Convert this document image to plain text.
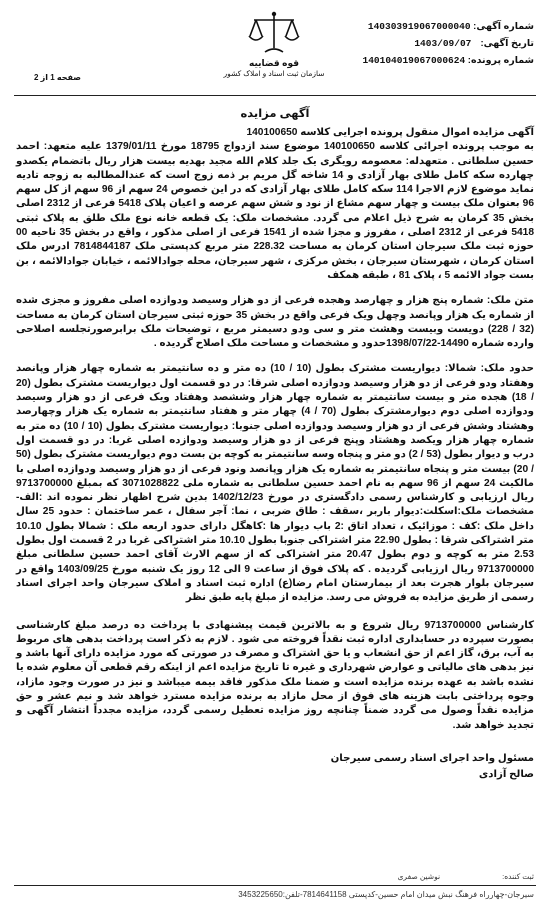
شماره آگهی: 140303919067000040
تاریخ آگهی: 1403/09/07
شماره پرونده: 140104019067000624
قوه قضاییه
سازمان ثبت اسناد و املاک کشور
صفحه 1 از 2
آگهی مزایده

آگهی مزایده اموال منقول پرونده اجرایی کلاسه 140100650

به موجب پرونده اجرائی کلاسه 140100650 موضوع سند ازدواج 18795 مورخ 1379/01/11 علیه متعهد: احمد حسین سلطانی . متعهدله: معصومه رویگری یک جلد کلام الله مجید بهدیه بیست هزار ریال باتضمام یکصدو چهارده سکه کامل طلای بهار آزادی و 14 شاخه گل مریم بر ذمه زوج است که عندالمطالبه به زوجه تادیه نماید موضوع لازم الاجرا 114 سکه کامل طلای بهار آزادی که در این خصوص 24 سهم از 96 سهم از کل سهم 96 بعنوان ملک بیست و چهار سهم مشاع از نود و شش سهم عرصه و اعیان پلاک 5418 فرعی از 2312 اصلی بخش 35 کرمان به شرح ذیل اعلام می گردد. مشخصات ملک: یک قطعه خانه نوع ملک طلق به پلاک ثبتی 5418 فرعی از 2312 اصلی ، مفروز و مجزا شده از 1541 فرعی از اصلی مذکور ، واقع در بخش 35 ناحیه 00 حوزه ثبت ملک سیرجان استان کرمان به مساحت 228.32 متر مربع کدپستی ملک 7814844187 ادرس ملک استان کرمان ، شهرستان سیرجان ، بخش مرکزی ، شهر سیرجان، محله جوادالائمه ، خیابان جوادالائمه ، بن بست جواد الائمه 5 ، پلاک 81 ، طبقه همکف

متن ملک: شماره پنج هزار و چهارصد وهجده فرعی از دو هزار وسیصد ودوازده اصلی مفروز و مجزی شده از شماره یک هزار وپانصد وچهل ویک فرعی واقع در بخش 35 حوزه ثبتی سیرجان استان کرمان به مساحت (32 / 228) دویست وبیست وهشت متر و سی ودو دسیمتر مربع ، توضیحات ملک برابرصورتجلسه اصلاحی وارده شماره 14490-1398/07/22حدود و مشخصات و مساحت ملک اصلاح گردیده .

حدود ملک: شمالا: دیواریست مشترک بطول (10 / 10) ده متر و ده سانتیمتر به شماره چهار هزار وپانصد وهفتاد ودو فرعی از دو هزار وسیصد ودوازده اصلی شرقا: در دو قسمت اول دیواریست مشترک بطول (20 / 18) هجده متر و بیست سانتیمتر به شماره چهار هزار وششصد وهفتاد ویک فرعی از دو هزار وسیصد ودوازده اصلی دوم دیوارمشترک بطول (70 / 4) چهار متر و هفتاد سانتیمتر به شماره یک هزار وچهارصد وهشتاد وشش فرعی از دو هزار وسیصد ودوازده اصلی جنوبا: دیواریست مشترک بطول (10 / 10) ده متر به شماره چهار هزار ویکصد وهشتاد وپنج فرعی از دو هزار وسیصد ودوازده اصلی غربا: در دو قسمت اول درب و دیوار بطول (53 / 2) دو متر و پنجاه وسه سانتیمتر به کوچه بن بست دوم دیواریست مشترک بطول (50 / 20) بیست متر و پنجاه سانتیمتر به شماره یک هزار وپانصد ونود فرعی از دو هزار وسیصد ودوازده اصلی با مالکیت 24 سهم از 96 سهم به نام احمد حسین سلطانی به شماره ملی 3071028822 که بمبلغ 9713700000 ریال ارزیابی و کارشناس رسمی دادگستری در مورخ 1402/12/23 بدین شرح اظهار نظر نموده اند :الف-مشخصات ملک:اسکلت:دیوار باربر ،سقف : طاق ضربی ، نما: آجر سفال ، عمر ساختمان : حدود 25 سال داخل ملک :کف : موزائیک ، تعداد اتاق :2 باب دیوار ها :کاهگل دارای حدود اربعه ملک : شمالا بطول 10.10 متر اشتراکی شرقا : بطول 22.90 متر اشتراکی جنوبا بطول 10.10 متر اشتراکی غربا در 2 قسمت اول بطول 2.53 متر به کوچه و دوم بطول 20.47 متر اشتراکی که از سهم الارث آقای احمد حسین سلطانی مبلغ 9713700000 ریال ارزیابی گردیده . که پلاک فوق از ساعت 9 الی 12 روز یک شنبه مورخ 1403/09/25 واقع در سیرجان بلوار هجرت بعد از بیمارستان امام رضا(ع) اداره ثبت اسناد و املاک سیرجان واحد اجرای اسناد رسمی از طریق مزایده به فروش می رسد. مزایده از مبلغ پایه طبق نظر

کارشناس 9713700000 ریال شروع و به بالاترین قیمت پیشنهادی با پرداخت ده درصد مبلغ کارشناسی بصورت سپرده در حسابداری اداره ثبت نقداً فروخته می شود . لازم به ذکر است پرداخت بدهی های مربوط به آب، برق، گاز اعم از حق انشعاب و یا حق اشتراک و مصرف در صورتی که مورد مزایده دارای آنها باشد و نیز بدهی های مالیاتی و عوارض شهرداری و غیره تا تاریخ مزایده اعم از اینکه رقم قطعی آن معلوم شده یا نشده باشد به عهده برنده مزایده است و ضمنا ملک مذکور فاقد بیمه میباشد و نیز در صورت وجود مازاد، وجوه پرداختی بابت هزینه های فوق از محل مازاد به برنده مزایده مسترد خواهد شد و نیم عشر و حق مزایده نقداً وصول می گردد ضمناً چنانچه روز مزایده تعطیل رسمی گردد، مزایده مجدداً انتشار آگهی و تجدید خواهد شد.

مسئول واحد اجرای اسناد رسمی سیرجان
صالح آزادی
ثبت کننده: نوشین صفری
سیرجان-چهارراه فرهنگ نبش میدان امام حسین-کدپستی 7814641158-تلفن:3453225650
